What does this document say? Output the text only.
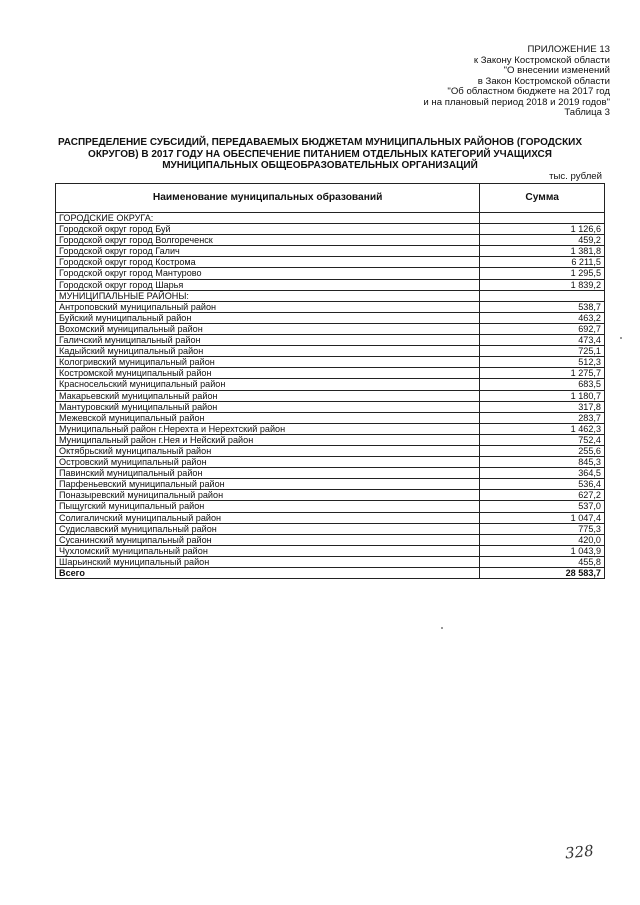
ПРИЛОЖЕНИЕ 13
к Закону Костромской области
"О внесении изменений
в Закон Костромской области
"Об областном бюджете на 2017 год
и на плановый период 2018 и 2019 годов"
Таблица 3
РАСПРЕДЕЛЕНИЕ СУБСИДИЙ, ПЕРЕДАВАЕМЫХ БЮДЖЕТАМ МУНИЦИПАЛЬНЫХ РАЙОНОВ (ГОРОДСКИХ ОКРУГОВ) В 2017 ГОДУ НА ОБЕСПЕЧЕНИЕ ПИТАНИЕМ ОТДЕЛЬНЫХ КАТЕГОРИЙ УЧАЩИХСЯ МУНИЦИПАЛЬНЫХ ОБЩЕОБРАЗОВАТЕЛЬНЫХ ОРГАНИЗАЦИЙ
тыс. рублей
Наименование муниципальных образований	Сумма
ГОРОДСКИЕ ОКРУГА:	
Городской округ город Буй	1 126,6
Городской округ город Волгореченск	459,2
Городской округ город Галич	1 381,8
Городской округ город Кострома	6 211,5
Городской округ город Мантурово	1 295,5
Городской округ город Шарья	1 839,2
МУНИЦИПАЛЬНЫЕ РАЙОНЫ:	
Антроповский муниципальный район	538,7
Буйский муниципальный район	463,2
Вохомский муниципальный район	692,7
Галичский муниципальный район	473,4
Кадыйский муниципальный район	725,1
Кологривский муниципальный район	512,3
Костромской муниципальный район	1 275,7
Красносельский муниципальный район	683,5
Макарьевский муниципальный район	1 180,7
Мантуровский муниципальный район	317,8
Межевской муниципальный район	283,7
Муниципальный район г.Нерехта и Нерехтский район	1 462,3
Муниципальный район г.Нея и Нейский район	752,4
Октябрьский муниципальный район	255,6
Островский муниципальный район	845,3
Павинский муниципальный район	364,5
Парфеньевский муниципальный район	536,4
Поназыревский муниципальный район	627,2
Пыщугский муниципальный район	537,0
Солигаличский муниципальный район	1 047,4
Судиславский муниципальный район	775,3
Сусанинский муниципальный район	420,0
Чухломский муниципальный район	1 043,9
Шарьинский муниципальный район	455,8
Всего	28 583,7
328
